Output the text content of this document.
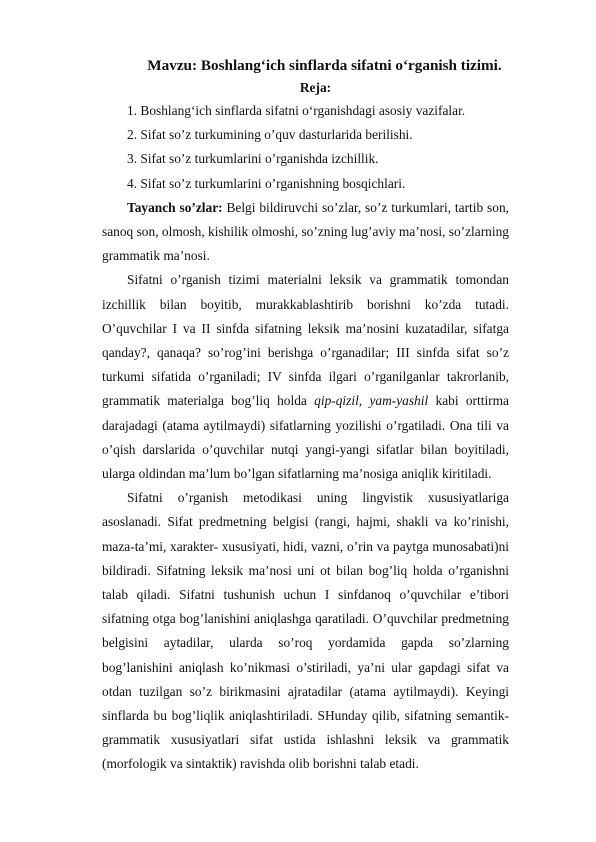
Mavzu: Boshlang‘ich sinflarda sifatni o‘rganish tizimi.
Reja:
1. Boshlang‘ich sinflarda sifatni o‘rganishdagi asosiy vazifalar.
2. Sifat so’z turkumining o’quv dasturlarida berilishi.
3. Sifat so’z turkumlarini o’rganishda izchillik.
4. Sifat so’z turkumlarini o’rganishning bosqichlari.

Tayanch so’zlar: Belgi bildiruvchi so’zlar, so’z turkumlari, tartib son, sanoq son, olmosh, kishilik olmoshi, so’zning lug’aviy ma’nosi, so’zlarning grammatik ma’nosi.

Sifatni o’rganish tizimi materialni leksik va grammatik tomondan izchillik bilan boyitib, murakkablashtirib borishni ko’zda tutadi. O’quvchilar I va II sinfda sifatning leksik ma’nosini kuzatadilar, sifatga qanday?, qanaqa? so’rog’ini berishga o’rganadilar; III sinfda sifat so’z turkumi sifatida o’rganiladi; IV sinfda ilgari o’rganilganlar takrorlanib, grammatik materialga bog’liq holda qip-qizil, yam-yashil kabi orttirma darajadagi (atama aytilmaydi) sifatlarning yozilishi o’rgatiladi. Ona tili va o’qish darslarida o’quvchilar nutqi yangi-yangi sifatlar bilan boyitiladi, ularga oldindan ma’lum bo’lgan sifatlarning ma’nosiga aniqlik kiritiladi.

Sifatni o’rganish metodikasi uning lingvistik xususiyatlariga asoslanadi. Sifat predmetning belgisi (rangi, hajmi, shakli va ko’rinishi, maza-ta’mi, xarakter- xususiyati, hidi, vazni, o’rin va paytga munosabati)ni bildiradi. Sifatning leksik ma’nosi uni ot bilan bog’liq holda o’rganishni talab qiladi. Sifatni tushunish uchun I sinfdanoq o’quvchilar e’tibori sifatning otga bog’lanishini aniqlashga qaratiladi. O’quvchilar predmetning belgisini aytadilar, ularda so’roq yordamida gapda so’zlarning bog’lanishini aniqlash ko’nikmasi o’stiriladi, ya’ni ular gapdagi sifat va otdan tuzilgan so’z birikmasini ajratadilar (atama aytilmaydi). Keyingi sinflarda bu bog’liqlik aniqlashtiriladi. SHunday qilib, sifatning semantik-grammatik xususiyatlari sifat ustida ishlashni leksik va grammatik (morfologik va sintaktik) ravishda olib borishni talab etadi.
